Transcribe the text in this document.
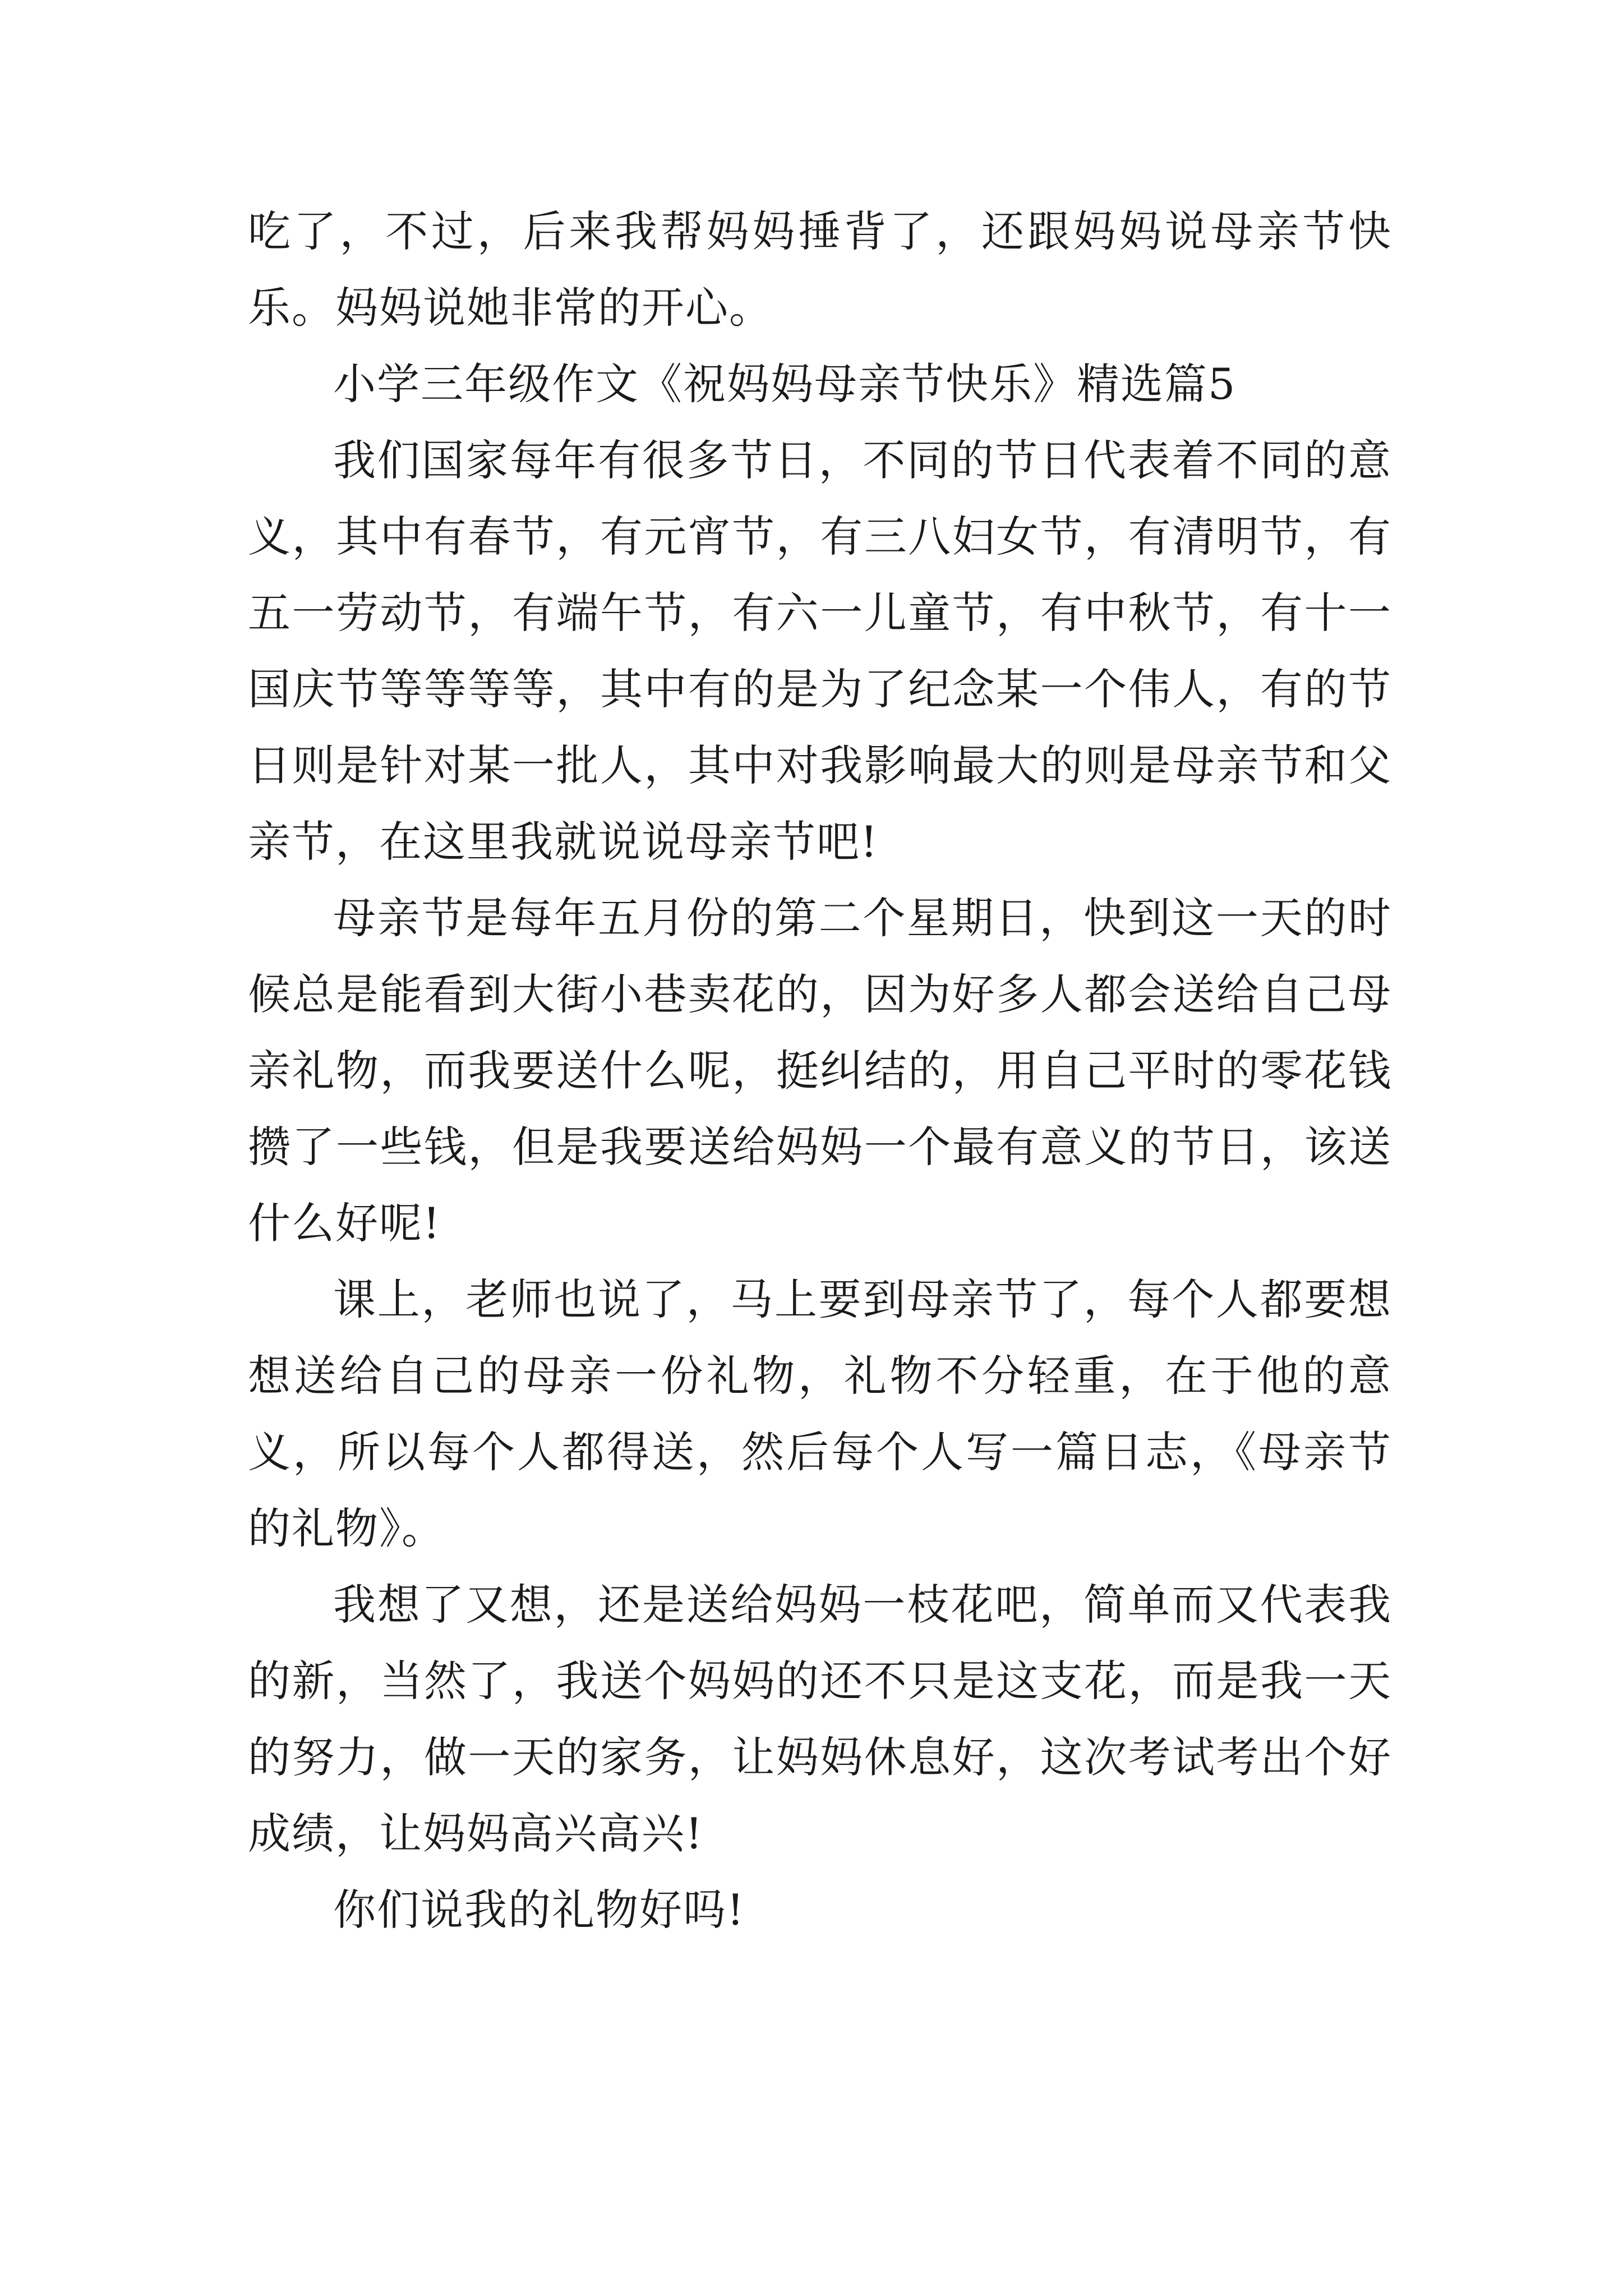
吃了，不过，后来我帮妈妈捶背了，还跟妈妈说母亲节快乐。妈妈说她非常的开心。

小学三年级作文《祝妈妈母亲节快乐》精选篇5

我们国家每年有很多节日，不同的节日代表着不同的意义，其中有春节，有元宵节，有三八妇女节，有清明节，有五一劳动节，有端午节，有六一儿童节，有中秋节，有十一国庆节等等等等，其中有的是为了纪念某一个伟人，有的节日则是针对某一批人，其中对我影响最大的则是母亲节和父亲节，在这里我就说说母亲节吧!

母亲节是每年五月份的第二个星期日，快到这一天的时候总是能看到大街小巷卖花的，因为好多人都会送给自己母亲礼物，而我要送什么呢，挺纠结的，用自己平时的零花钱攒了一些钱，但是我要送给妈妈一个最有意义的节日，该送什么好呢!

课上，老师也说了，马上要到母亲节了，每个人都要想想送给自己的母亲一份礼物，礼物不分轻重，在于他的意义，所以每个人都得送，然后每个人写一篇日志，《母亲节的礼物》。

我想了又想，还是送给妈妈一枝花吧，简单而又代表我的新，当然了，我送个妈妈的还不只是这支花，而是我一天的努力，做一天的家务，让妈妈休息好，这次考试考出个好成绩，让妈妈高兴高兴!

你们说我的礼物好吗!
